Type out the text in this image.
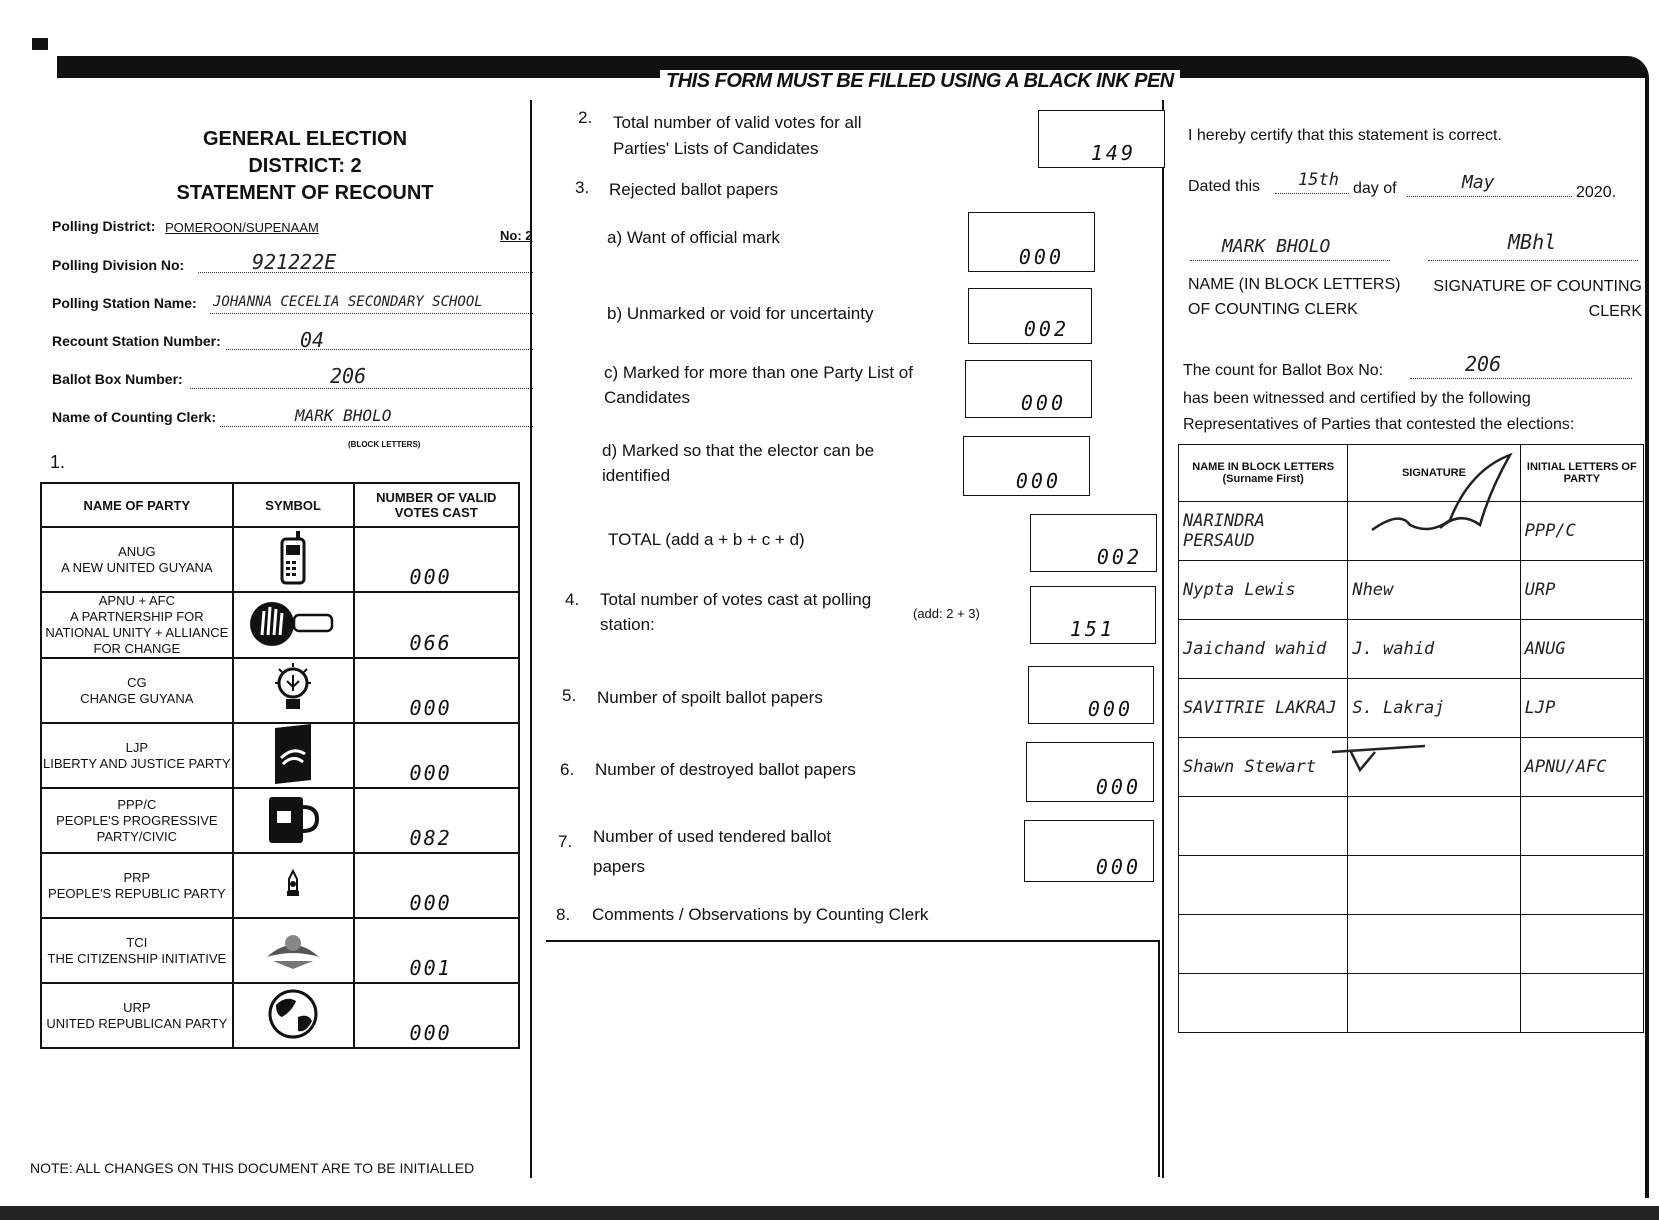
THIS FORM MUST BE FILLED USING A BLACK INK PEN
GENERAL ELECTION
DISTRICT: 2
STATEMENT OF RECOUNT
Polling District: POMEROON/SUPENAAM
No: 2
Polling Division No:	921222E
Polling Station Name: JOHANNA CECELIA SECONDARY SCHOOL
Recount Station Number:	04
Ballot Box Number:	206
Name of Counting Clerk:	MARK BHOLO
(BLOCK LETTERS)
1.
NAME OF PARTY	SYMBOL	NUMBER OF VALID VOTES CAST

ANUG
A NEW UNITED GUYANA		000

APNU + AFC
A PARTNERSHIP FOR NATIONAL UNITY + ALLIANCE FOR CHANGE		066

CG
CHANGE GUYANA		000

LJP
LIBERTY AND JUSTICE PARTY		000

PPP/C
PEOPLE'S PROGRESSIVE PARTY/CIVIC		082

PRP
PEOPLE'S REPUBLIC PARTY		000

TCI
THE CITIZENSHIP INITIATIVE		001

URP
UNITED REPUBLICAN PARTY		000
NOTE: ALL CHANGES ON THIS DOCUMENT ARE TO BE INITIALLED
2. Total number of valid votes for all Parties' Lists of Candidates	149
3. Rejected ballot papers
a) Want of official mark
000
b) Unmarked or void for uncertainty
002
c) Marked for more than one Party List of Candidates	000
d) Marked so that the elector can be identified	000
TOTAL (add a + b + c + d)
002
4. Total number of votes cast at polling station:
(add: 2 + 3)
151
5. Number of spoilt ballot papers	000
6. Number of destroyed ballot papers
000
7. Number of used tendered ballot papers	000
8. Comments / Observations by Counting Clerk
I hereby certify that this statement is correct.
Dated this 15th day of	May	2020.
MARK BHOLO	MBhl
NAME (IN BLOCK LETTERS) OF COUNTING CLERK
SIGNATURE OF COUNTING CLERK
The count for Ballot Box No:	206
has been witnessed and certified by the following
Representatives of Parties that contested the elections:
NAME IN BLOCK LETTERS (Surname First)	SIGNATURE	INITIAL LETTERS OF PARTY
NARINDRA PERSAUD		PPP/C
Nypta Lewis	Nhew	URP
Jaichand wahid	J. wahid	ANUG
SAVITRIE LAKRAJ	S. Lakraj	LJP
Shawn Stewart		APNU/AFC
